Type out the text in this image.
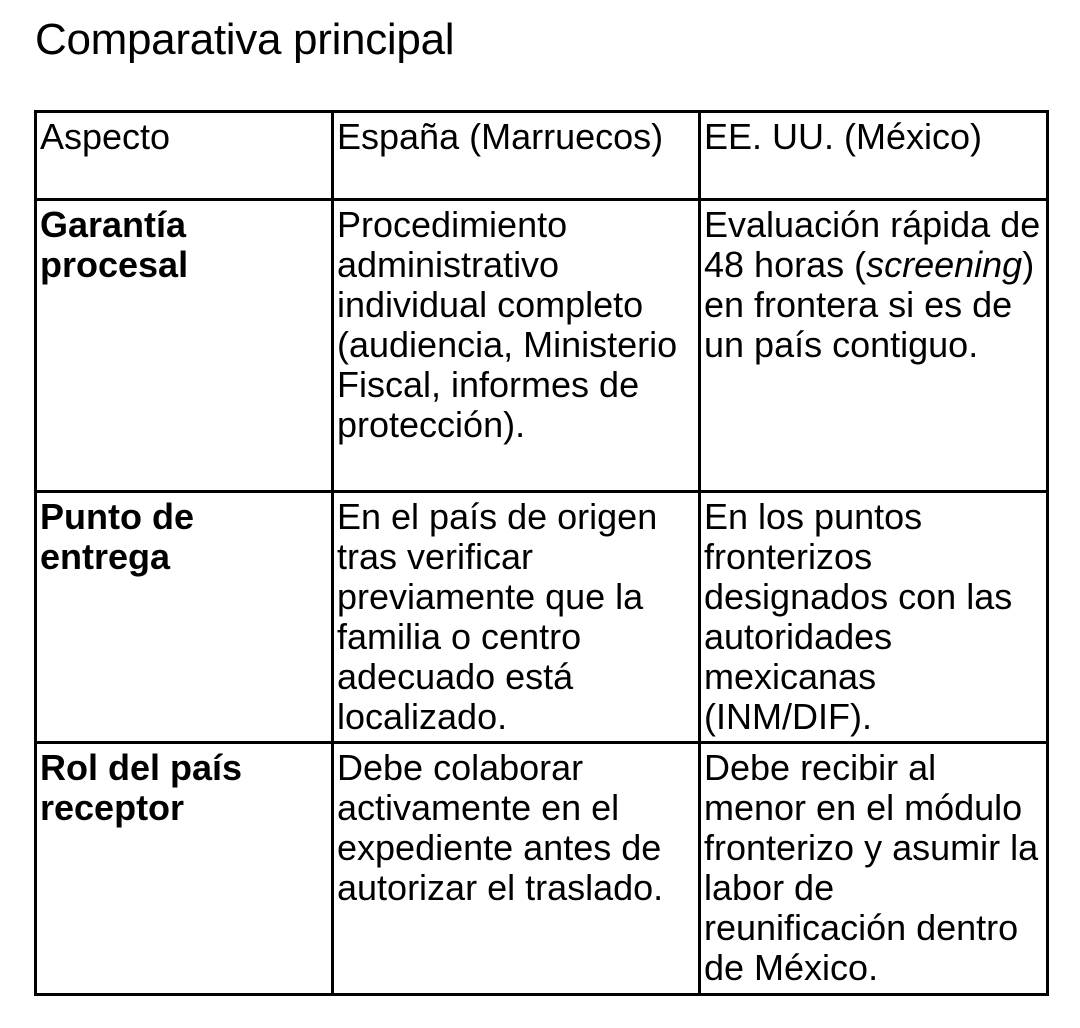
Comparativa principal
Aspecto	España (Marruecos)	EE. UU. (México)
Garantía procesal	Procedimiento administrativo individual completo (audiencia, Ministerio Fiscal, informes de protección).	Evaluación rápida de 48 horas (screening) en frontera si es de un país contiguo.
Punto de entrega	En el país de origen tras verificar previamente que la familia o centro adecuado está localizado.	En los puntos fronterizos designados con las autoridades mexicanas (INM/DIF).
Rol del país receptor	Debe colaborar activamente en el expediente antes de autorizar el traslado.	Debe recibir al menor en el módulo fronterizo y asumir la labor de reunificación dentro de México.
